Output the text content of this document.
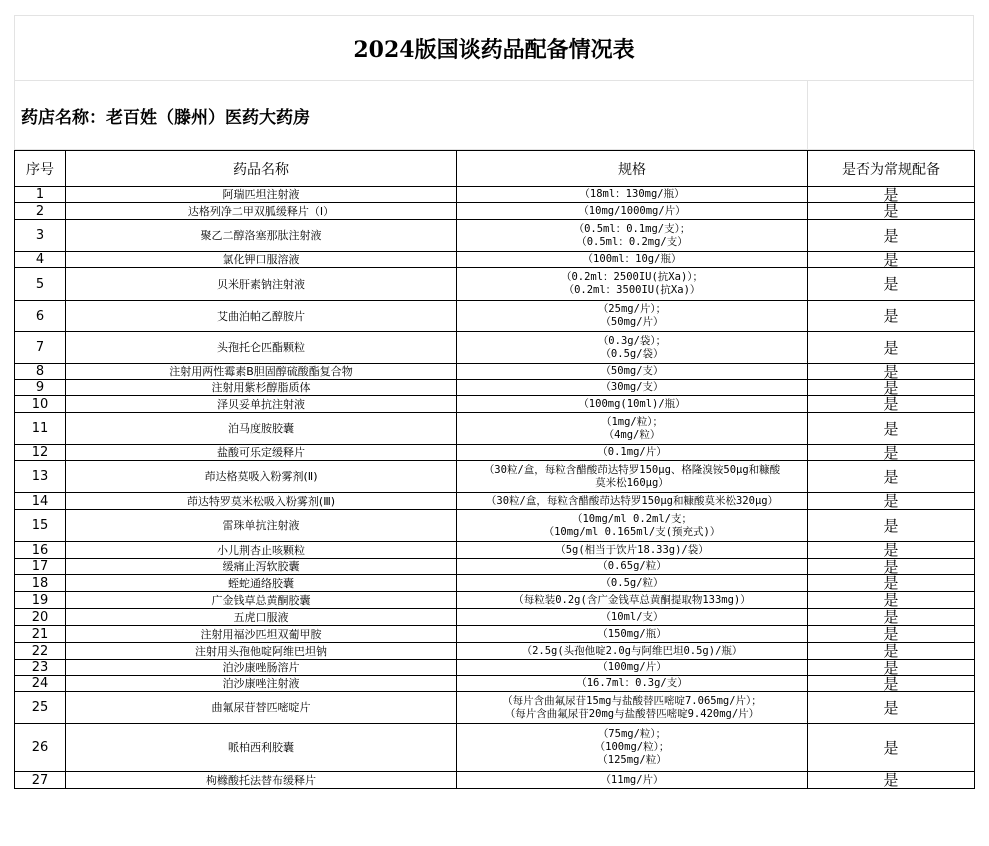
2024版国谈药品配备情况表
药店名称：老百姓（滕州）医药大药房
序号	药品名称	规格	是否为常规配备
1	阿瑞匹坦注射液	（18ml：130mg/瓶）	是
2	达格列净二甲双胍缓释片（Ⅰ）	（10mg/1000mg/片）	是
3	聚乙二醇洛塞那肽注射液	（0.5ml：0.1mg/支）；
（0.5ml：0.2mg/支）	是
4	氯化钾口服溶液	（100ml：10g/瓶）	是
5	贝米肝素钠注射液	（0.2ml：2500IU(抗Xa)）；
（0.2ml：3500IU(抗Xa)）	是
6	艾曲泊帕乙醇胺片	（25mg/片）；
（50mg/片）	是
7	头孢托仑匹酯颗粒	（0.3g/袋）；
（0.5g/袋）	是
8	注射用两性霉素B胆固醇硫酸酯复合物	（50mg/支）	是
9	注射用紫杉醇脂质体	（30mg/支）	是
10	泽贝妥单抗注射液	（100mg(10ml)/瓶）	是
11	泊马度胺胶囊	（1mg/粒）；
（4mg/粒）	是
12	盐酸可乐定缓释片	（0.1mg/片）	是
13	茚达格莫吸入粉雾剂(Ⅱ)	（30粒/盒，每粒含醋酸茚达特罗150μg、格隆溴铵50μg和糠酸
莫米松160μg）	是
14	茚达特罗莫米松吸入粉雾剂(Ⅲ)	（30粒/盒，每粒含醋酸茚达特罗150μg和糠酸莫米松320μg）	是
15	雷珠单抗注射液	（10mg/ml 0.2ml/支；
（10mg/ml 0.165ml/支(预充式)）	是
16	小儿荆杏止咳颗粒	（5g(相当于饮片18.33g)/袋）	是
17	缓痛止泻软胶囊	（0.65g/粒）	是
18	蛭蛇通络胶囊	（0.5g/粒）	是
19	广金钱草总黄酮胶囊	（每粒装0.2g(含广金钱草总黄酮提取物133mg)）	是
20	五虎口服液	（10ml/支）	是
21	注射用福沙匹坦双葡甲胺	（150mg/瓶）	是
22	注射用头孢他啶阿维巴坦钠	（2.5g(头孢他啶2.0g与阿维巴坦0.5g)/瓶）	是
23	泊沙康唑肠溶片	（100mg/片）	是
24	泊沙康唑注射液	（16.7ml：0.3g/支）	是
25	曲氟尿苷替匹嘧啶片	（每片含曲氟尿苷15mg与盐酸替匹嘧啶7.065mg/片）；
（每片含曲氟尿苷20mg与盐酸替匹嘧啶9.420mg/片）	是
26	哌柏西利胶囊	（75mg/粒）；
（100mg/粒）；
（125mg/粒）	是
27	枸橼酸托法替布缓释片	（11mg/片）	是
